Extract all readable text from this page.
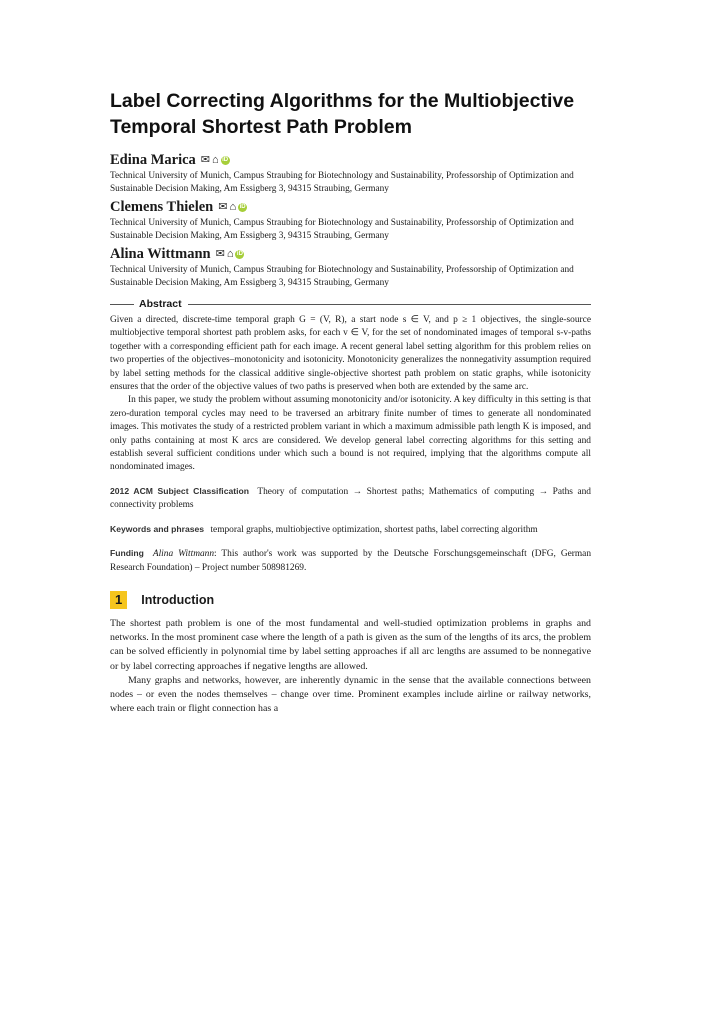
Label Correcting Algorithms for the Multiobjective Temporal Shortest Path Problem
Edina Marica ✉ ⌂ iD
Technical University of Munich, Campus Straubing for Biotechnology and Sustainability, Professorship of Optimization and Sustainable Decision Making, Am Essigberg 3, 94315 Straubing, Germany
Clemens Thielen ✉ ⌂ iD
Technical University of Munich, Campus Straubing for Biotechnology and Sustainability, Professorship of Optimization and Sustainable Decision Making, Am Essigberg 3, 94315 Straubing, Germany
Alina Wittmann ✉ ⌂ iD
Technical University of Munich, Campus Straubing for Biotechnology and Sustainability, Professorship of Optimization and Sustainable Decision Making, Am Essigberg 3, 94315 Straubing, Germany
Abstract

Given a directed, discrete-time temporal graph G = (V, R), a start node s ∈ V, and p ≥ 1 objectives, the single-source multiobjective temporal shortest path problem asks, for each v ∈ V, for the set of nondominated images of temporal s-v-paths together with a corresponding efficient path for each image. A recent general label setting algorithm for this problem relies on two properties of the objectives–monotonicity and isotonicity. Monotonicity generalizes the nonnegativity assumption required by label setting methods for the classical additive single-objective shortest path problem on static graphs, while isotonicity ensures that the order of the objective values of two paths is preserved when both are extended by the same arc.

In this paper, we study the problem without assuming monotonicity and/or isotonicity. A key difficulty in this setting is that zero-duration temporal cycles may need to be traversed an arbitrary finite number of times to generate all nondominated images. This motivates the study of a restricted problem variant in which a maximum admissible path length K is imposed, and only paths containing at most K arcs are considered. We develop general label correcting algorithms for this setting and establish several sufficient conditions under which such a bound is not required, implying that the algorithms compute all nondominated images.

2012 ACM Subject Classification Theory of computation → Shortest paths; Mathematics of computing → Paths and connectivity problems
Keywords and phrases temporal graphs, multiobjective optimization, shortest paths, label correcting algorithm
Funding Alina Wittmann: This author's work was supported by the Deutsche Forschungsgemeinschaft (DFG, German Research Foundation) – Project number 508981269.
1	Introduction

The shortest path problem is one of the most fundamental and well-studied optimization problems in graphs and networks. In the most prominent case where the length of a path is given as the sum of the lengths of its arcs, the problem can be solved efficiently in polynomial time by label setting approaches if all arc lengths are assumed to be nonnegative or by label correcting approaches if negative lengths are allowed.

Many graphs and networks, however, are inherently dynamic in the sense that the available connections between nodes – or even the nodes themselves – change over time. Prominent examples include airline or railway networks, where each train or flight connection has a
